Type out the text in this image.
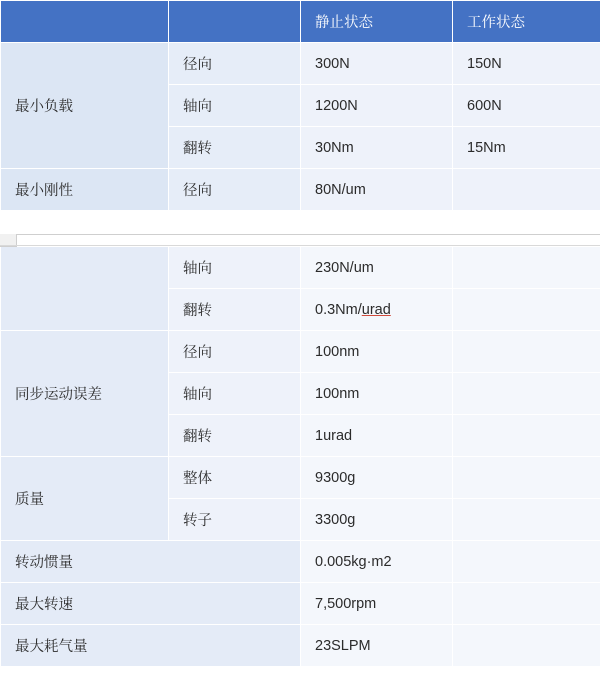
		静止状态	工作状态
最小负载	径向	300N	150N
	轴向	1200N	600N
	翻转	30Nm	15Nm
最小刚性	径向	80N/um	
	轴向	230N/um	
	翻转	0.3Nm/urad	
同步运动误差	径向	100nm	
	轴向	100nm	
	翻转	1urad	
质量	整体	9300g	
	转子	3300g	
转动惯量		0.005kg·m2	
最大转速		7,500rpm	
最大耗气量		23SLPM	
